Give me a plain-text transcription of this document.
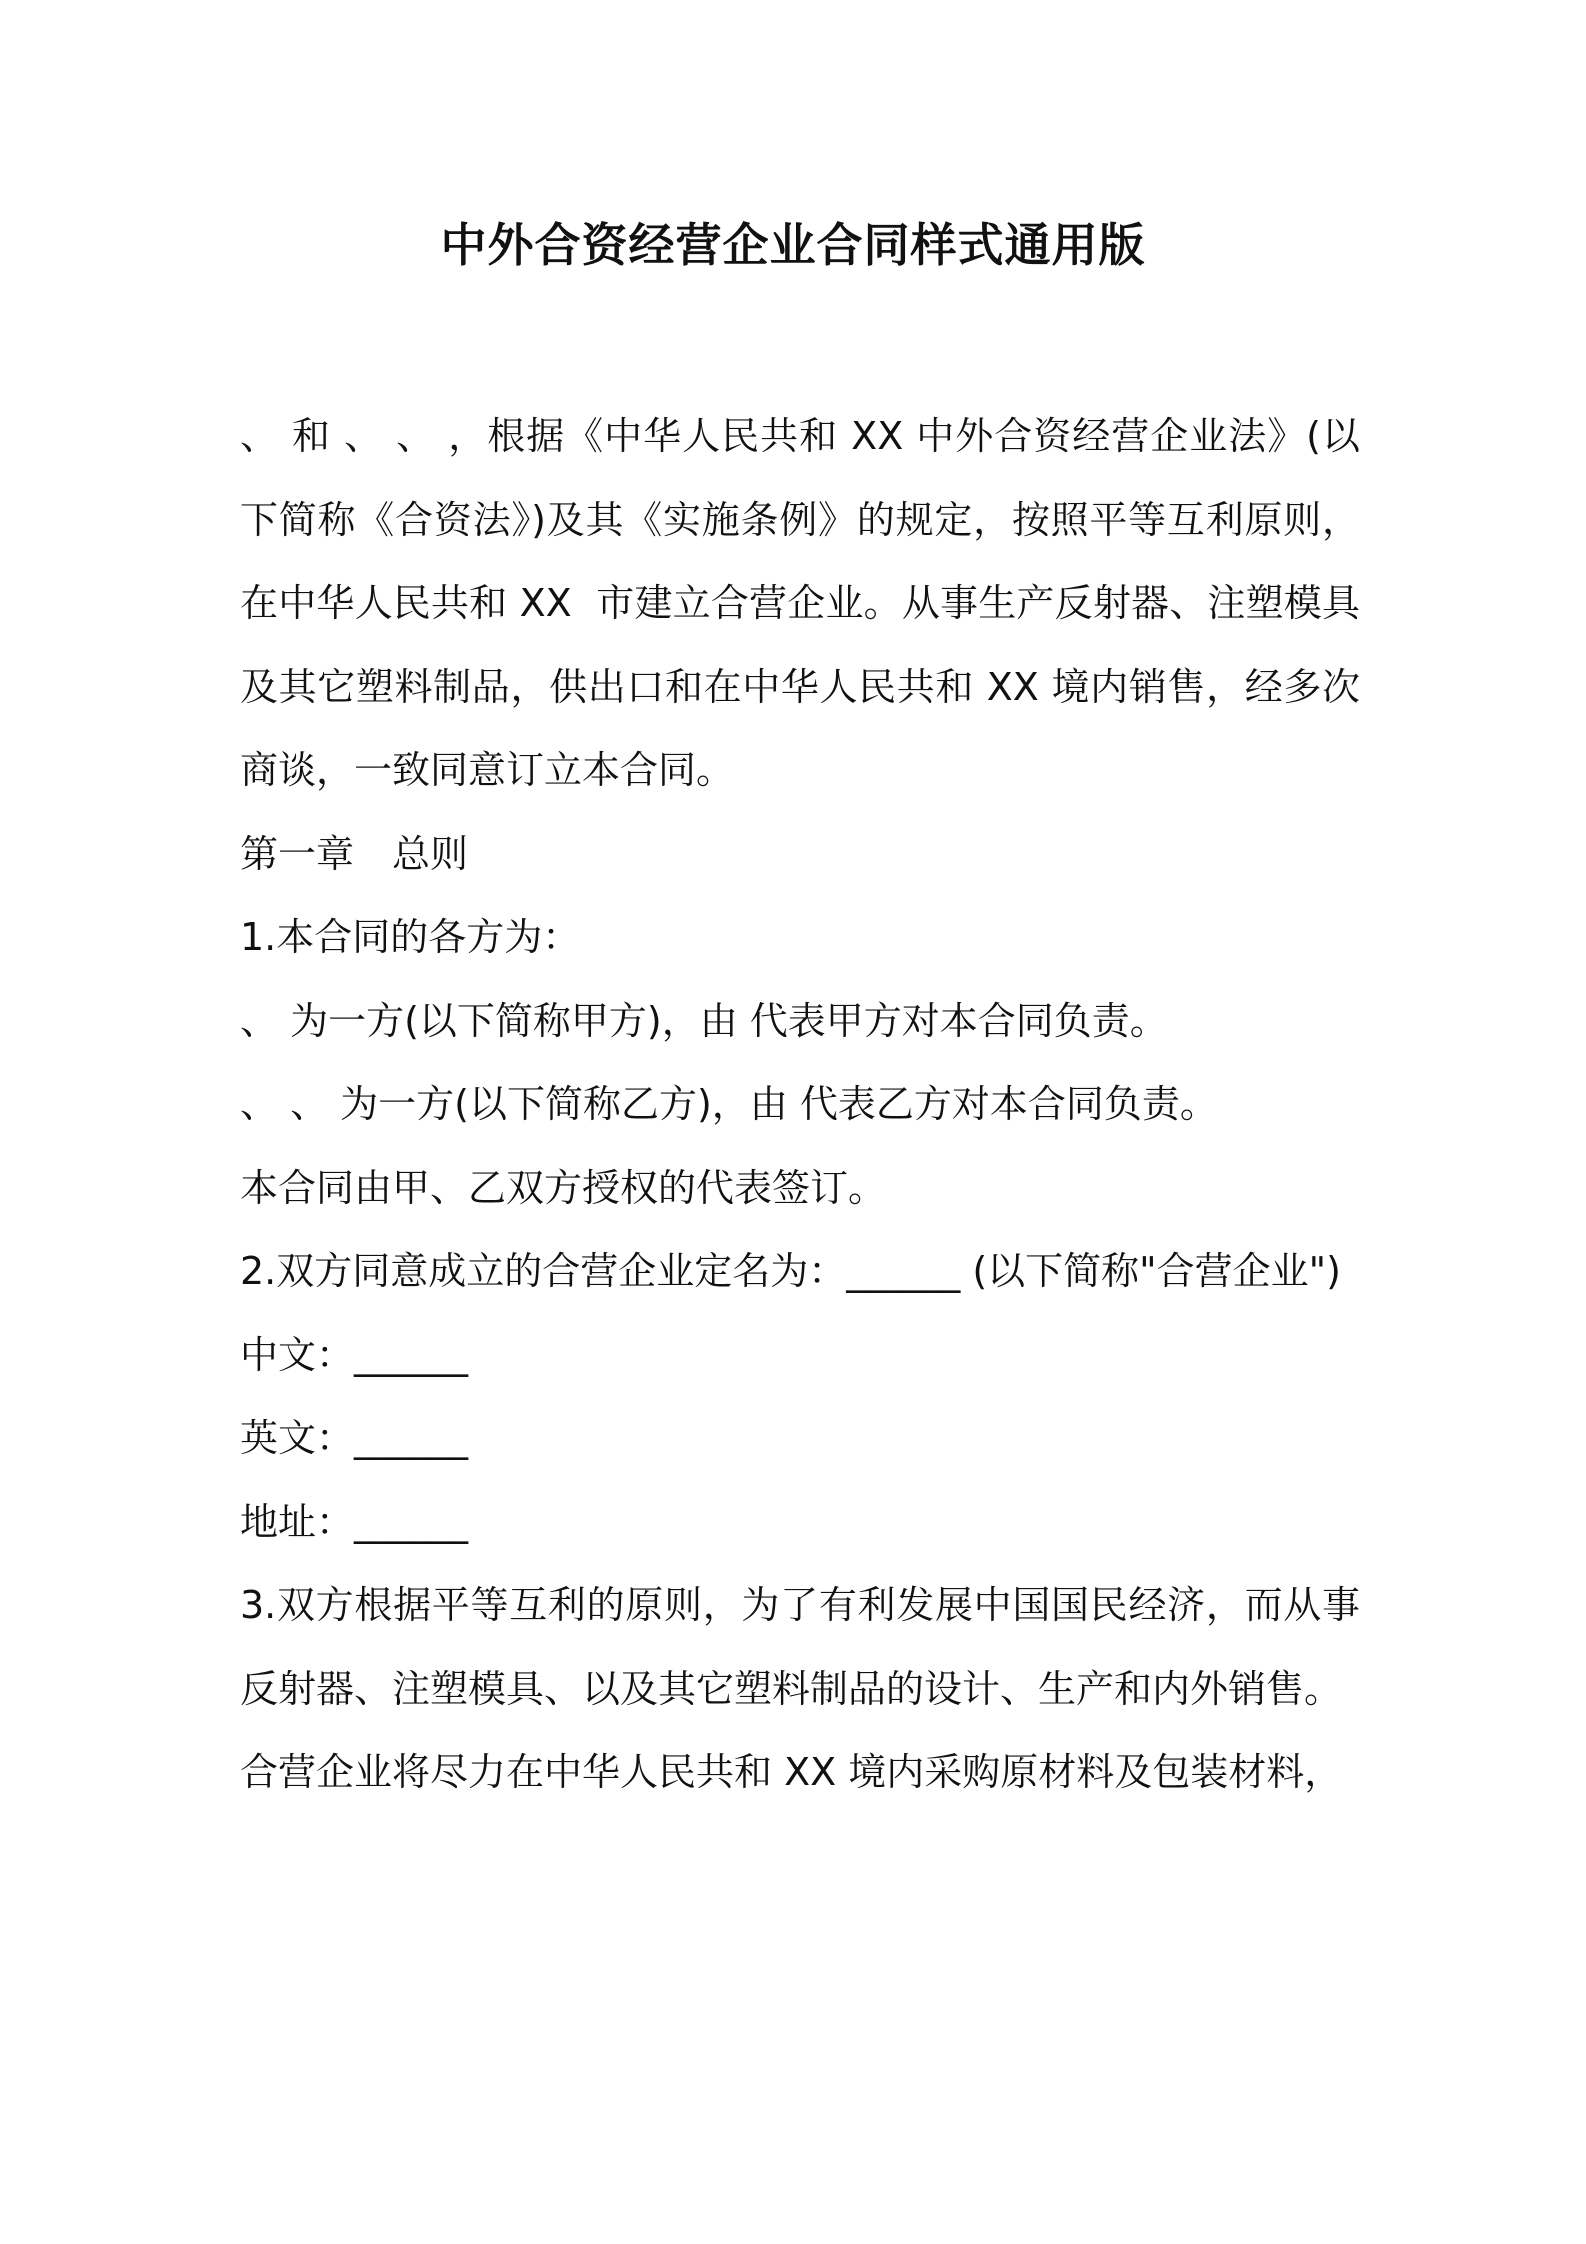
中外合资经营企业合同样式通用版

、 和 、 、 ，根据《中华人民共和 XX 中外合资经营企业法》(以下简称《合资法》)及其《实施条例》的规定，按照平等互利原则，在中华人民共和 XX  市建立合营企业。从事生产反射器、注塑模具及其它塑料制品，供出口和在中华人民共和 XX 境内销售，经多次商谈，一致同意订立本合同。

第一章　总则

1.本合同的各方为：

、 为一方(以下简称甲方)，由 代表甲方对本合同负责。

、 、 为一方(以下简称乙方)，由 代表乙方对本合同负责。

本合同由甲、乙双方授权的代表签订。

2.双方同意成立的合营企业定名为：______ (以下简称"合营企业")

中文：______

英文：______

地址：______

3.双方根据平等互利的原则，为了有利发展中国国民经济，而从事反射器、注塑模具、以及其它塑料制品的设计、生产和内外销售。

合营企业将尽力在中华人民共和 XX 境内采购原材料及包装材料，
